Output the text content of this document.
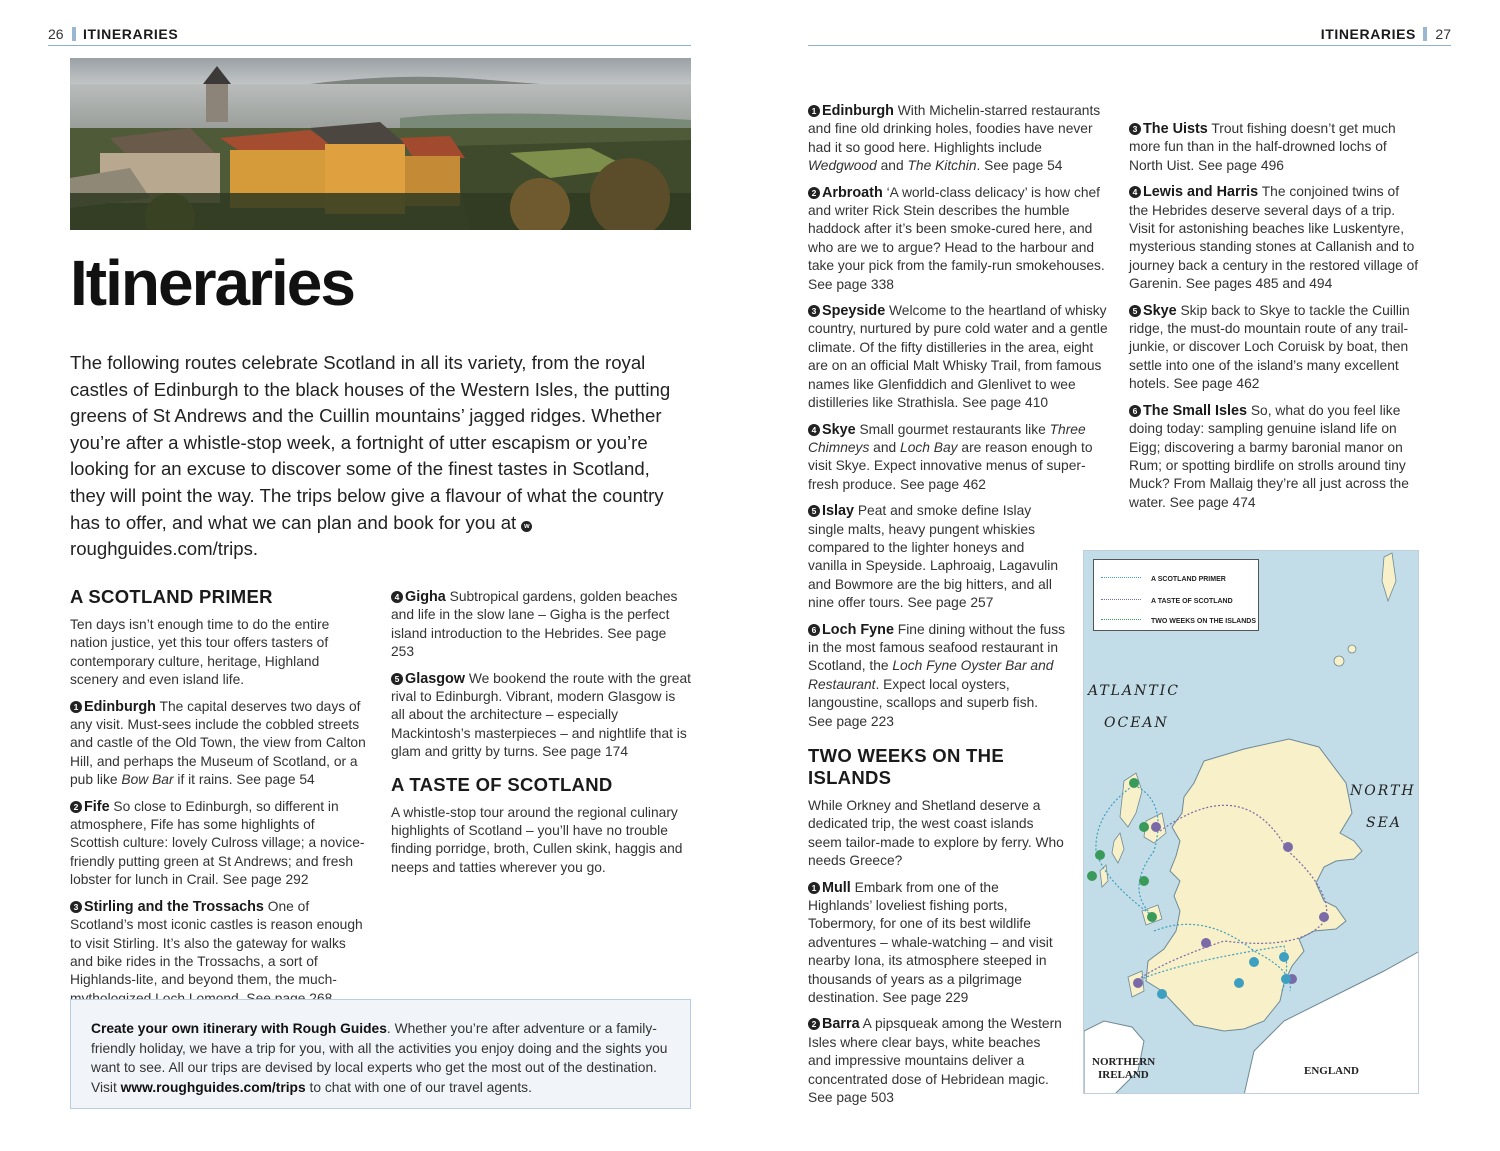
26	ITINERARIES	ITINERARIES	27
Itineraries
The following routes celebrate Scotland in all its variety, from the royal castles of Edinburgh to the black houses of the Western Isles, the putting greens of St Andrews and the Cuillin mountains’ jagged ridges. Whether you’re after a whistle-stop week, a fortnight of utter escapism or you’re looking for an excuse to discover some of the finest tastes in Scotland, they will point the way. The trips below give a flavour of what the country has to offer, and what we can plan and book for you at wroughguides.com/trips.
A SCOTLAND PRIMER

Ten days isn’t enough time to do the entire nation justice, yet this tour offers tasters of contemporary culture, heritage, Highland scenery and even island life.

1 Edinburgh The capital deserves two days of any visit. Must-sees include the cobbled streets and castle of the Old Town, the view from Calton Hill, and perhaps the Museum of Scotland, or a pub like Bow Bar if it rains. See page 54

2 Fife So close to Edinburgh, so different in atmosphere, Fife has some highlights of Scottish culture: lovely Culross village; a novice-friendly putting green at St Andrews; and fresh lobster for lunch in Crail. See page 292

3 Stirling and the Trossachs One of Scotland’s most iconic castles is reason enough to visit Stirling. It’s also the gateway for walks and bike rides in the Trossachs, a sort of Highlands-lite, and beyond them, the much-

4 Gigha Subtropical gardens, golden beaches and life in the slow lane – Gigha is the perfect island introduction to the Hebrides. See page 253

5 Glasgow We bookend the route with the great rival to Edinburgh. Vibrant, modern Glasgow is all about the architecture – especially Mackintosh’s masterpieces – and nightlife that is glam and gritty by turns. See page 174

A TASTE OF SCOTLAND

A whistle-stop tour around the regional culinary highlights of Scotland – you’ll have no trouble finding porridge, broth, Cullen skink, haggis and neeps and tatties wherever you go.

Create your own itinerary with Rough Guides. Whether you’re after adventure or a family-friendly holiday, we have a trip for you, with all the activities you enjoy doing and the sights you want to see. All our trips are devised by local experts who get the most out of the destination. Visit www.roughguides.com/trips to chat with one of our travel agents.

1 Edinburgh With Michelin-starred restaurants and fine old drinking holes, foodies have never had it so good here. Highlights include Wedgwood and The Kitchin. See page 54

2 Arbroath ‘A world-class delicacy’ is how chef and writer Rick Stein describes the humble haddock after it’s been smoke-cured here, and who are we to argue? Head to the harbour and take your pick from the family-run smokehouses. See page 338

3 Speyside Welcome to the heartland of whisky country, nurtured by pure cold water and a gentle climate. Of the fifty distilleries in the area, eight are on an official Malt Whisky Trail, from famous names like Glenfiddich and Glenlivet to wee distilleries like Strathisla. See page 410

4 Skye Small gourmet restaurants like Three Chimneys and Loch Bay are reason enough to visit Skye. Expect innovative menus of super-fresh produce. See page 462

5 Islay Peat and smoke define Islay single malts, heavy pungent whiskies compared to the lighter honeys and vanilla in Speyside. Laphroaig, Lagavulin and Bowmore are the big hitters, and all nine offer tours. See page 257

6 Loch Fyne Fine dining without the fuss in the most famous seafood restaurant in Scotland, the Loch Fyne Oyster Bar and Restaurant. Expect local oysters, langoustine, scallops and superb fish. See page 223

TWO WEEKS ON THE ISLANDS

While Orkney and Shetland deserve a dedicated trip, the west coast islands seem tailor-made to explore by ferry. Who needs Greece?

1 Mull Embark from one of the Highlands’ loveliest fishing ports, Tobermory, for one of its best wildlife adventures – whale-watching – and visit nearby Iona, its atmosphere steeped in thousands of years as a pilgrimage destination. See page 229

2 Barra A pipsqueak among the Western Isles where clear bays, white beaches and impressive mountains deliver a concentrated dose of Hebridean magic. See page 503

3 The Uists Trout fishing doesn’t get much more fun than in the half-drowned lochs of North Uist. See page 496

4 Lewis and Harris The conjoined twins of the Hebrides deserve several days of a trip. Visit for astonishing beaches like Luskentyre, mysterious standing stones at Callanish and to journey back a century in the restored village of Garenin. See pages 485 and 494

5 Skye Skip back to Skye to tackle the Cuillin ridge, the must-do mountain route of any trail-junkie, or discover Loch Coruisk by boat, then settle into one of the island’s many excellent hotels. See page 462

6 The Small Isles So, what do you feel like doing today: sampling genuine island life on Eigg; discovering a barmy baronial manor on Rum; or spotting birdlife on strolls around tiny Muck? From Mallaig they’re all just across the water. See page 474

A SCOTLAND PRIMER
A TASTE OF SCOTLAND
TWO WEEKS ON THE ISLANDS
ATLANTIC
OCEAN
NORTH
SEA
NORTHERN
IRELAND	ENGLAND
